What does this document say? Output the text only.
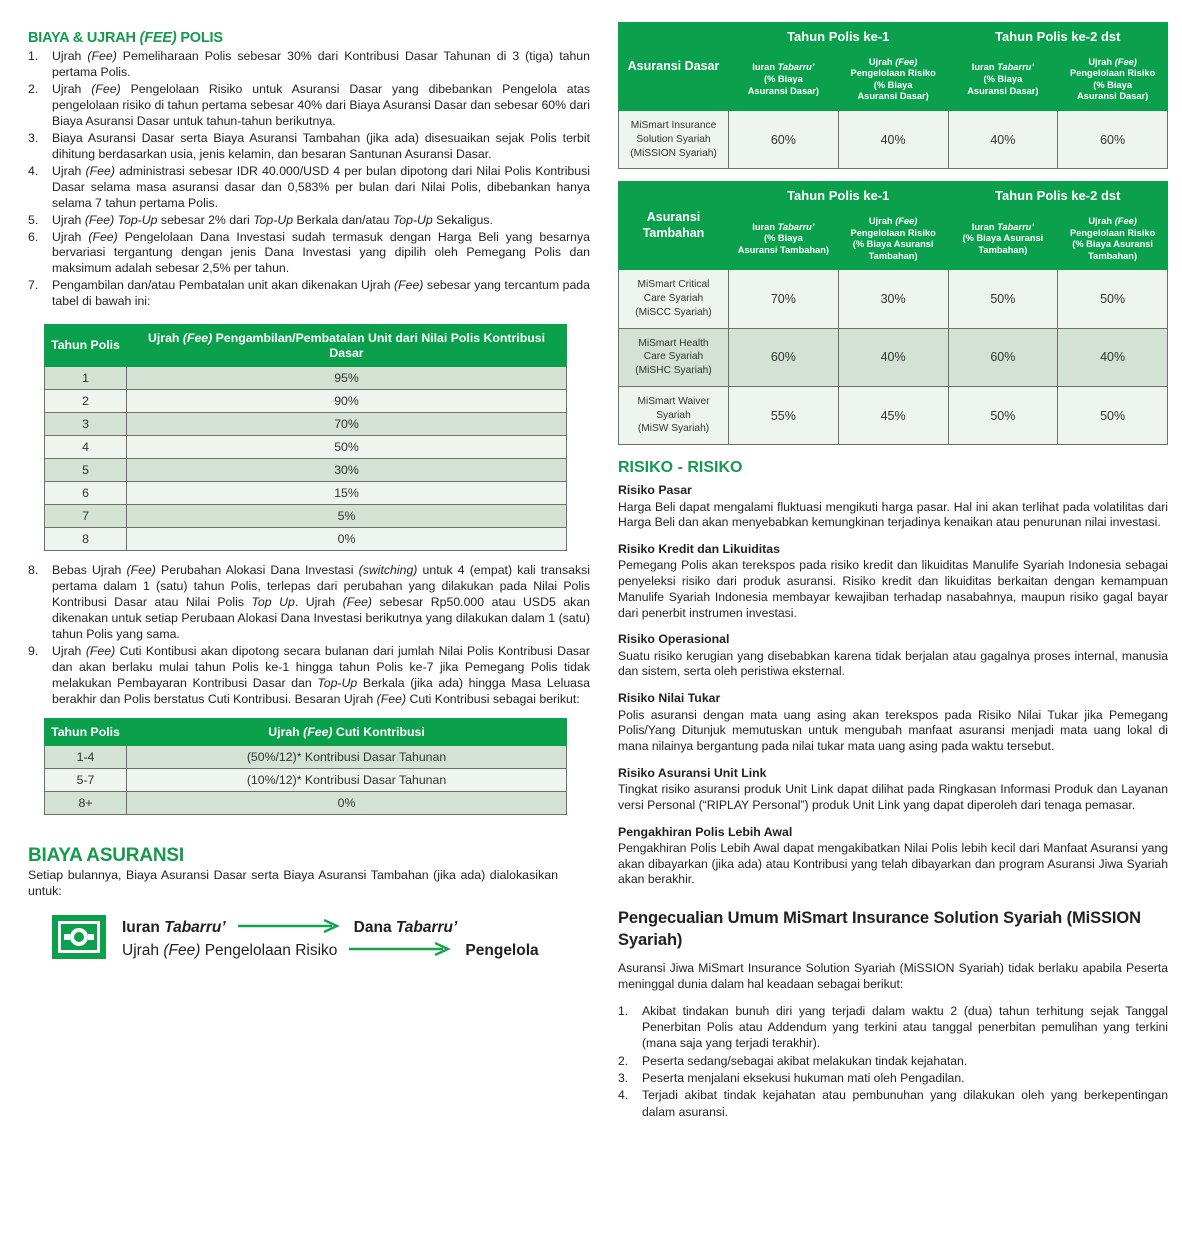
BIAYA & UJRAH (FEE) POLIS
Ujrah (Fee) Pemeliharaan Polis sebesar 30% dari Kontribusi Dasar Tahunan di 3 (tiga) tahun pertama Polis.
Ujrah (Fee) Pengelolaan Risiko untuk Asuransi Dasar yang dibebankan Pengelola atas pengelolaan risiko di tahun pertama sebesar 40% dari Biaya Asuransi Dasar dan sebesar 60% dari Biaya Asuransi Dasar untuk tahun-tahun berikutnya.
Biaya Asuransi Dasar serta Biaya Asuransi Tambahan (jika ada) disesuaikan sejak Polis terbit dihitung berdasarkan usia, jenis kelamin, dan besaran Santunan Asuransi Dasar.
Ujrah (Fee) administrasi sebesar IDR 40.000/USD 4 per bulan dipotong dari Nilai Polis Kontribusi Dasar selama masa asuransi dasar dan 0,583% per bulan dari Nilai Polis, dibebankan hanya selama 7 tahun pertama Polis.
Ujrah (Fee) Top-Up sebesar 2% dari Top-Up Berkala dan/atau Top-Up Sekaligus.
Ujrah (Fee) Pengelolaan Dana Investasi sudah termasuk dengan Harga Beli yang besarnya bervariasi tergantung dengan jenis Dana Investasi yang dipilih oleh Pemegang Polis dan maksimum adalah sebesar 2,5% per tahun.
Pengambilan dan/atau Pembatalan unit akan dikenakan Ujrah (Fee) sebesar yang tercantum pada tabel di bawah ini:
Tahun Polis	Ujrah (Fee) Pengambilan/Pembatalan Unit dari Nilai Polis Kontribusi Dasar
1	95%
2	90%
3	70%
4	50%
5	30%
6	15%
7	5%
8	0%
Bebas Ujrah (Fee) Perubahan Alokasi Dana Investasi (switching) untuk 4 (empat) kali transaksi pertama dalam 1 (satu) tahun Polis, terlepas dari perubahan yang dilakukan pada Nilai Polis Kontribusi Dasar atau Nilai Polis Top Up. Ujrah (Fee) sebesar Rp50.000 atau USD5 akan dikenakan untuk setiap Perubaan Alokasi Dana Investasi berikutnya yang dilakukan dalam 1 (satu) tahun Polis yang sama.
Ujrah (Fee) Cuti Kontibusi akan dipotong secara bulanan dari jumlah Nilai Polis Kontribusi Dasar dan akan berlaku mulai tahun Polis ke-1 hingga tahun Polis ke-7 jika Pemegang Polis tidak melakukan Pembayaran Kontribusi Dasar dan Top-Up Berkala (jika ada) hingga Masa Leluasa berakhir dan Polis berstatus Cuti Kontribusi. Besaran Ujrah (Fee) Cuti Kontribusi sebagai berikut:
Tahun Polis	Ujrah (Fee) Cuti Kontribusi
1-4	(50%/12)* Kontribusi Dasar Tahunan
5-7	(10%/12)* Kontribusi Dasar Tahunan
8+	0%
BIAYA ASURANSI
Setiap bulannya, Biaya Asuransi Dasar serta Biaya Asuransi Tambahan (jika ada) dialokasikan untuk:
Iuran Tabarru’	Dana Tabarru’
Ujrah (Fee) Pengelolaan Risiko	Pengelola
Asuransi Dasar	Tahun Polis ke-1		Tahun Polis ke-2 dst	
	Iuran Tabarru’
(% Biaya
Asuransi Dasar)	Ujrah (Fee)
Pengelolaan Risiko
(% Biaya
Asuransi Dasar)	Iuran Tabarru’
(% Biaya
Asuransi Dasar)	Ujrah (Fee)
Pengelolaan Risiko
(% Biaya
Asuransi Dasar)
MiSmart Insurance
Solution Syariah
(MiSSION Syariah)	60%	40%	40%	60%
Asuransi Tambahan	Tahun Polis ke-1		Tahun Polis ke-2 dst	
	Iuran Tabarru’
(% Biaya
Asuransi Tambahan)	Ujrah (Fee)
Pengelolaan Risiko
(% Biaya Asuransi
Tambahan)	Iuran Tabarru’
(% Biaya Asuransi
Tambahan)	Ujrah (Fee)
Pengelolaan Risiko
(% Biaya Asuransi
Tambahan)
MiSmart Critical
Care Syariah
(MiSCC Syariah)	70%	30%	50%	50%
MiSmart Health
Care Syariah
(MiSHC Syariah)	60%	40%	60%	40%
MiSmart Waiver
Syariah
(MiSW Syariah)	55%	45%	50%	50%
RISIKO - RISIKO
Risiko Pasar

Harga Beli dapat mengalami fluktuasi mengikuti harga pasar. Hal ini akan terlihat pada volatilitas dari Harga Beli dan akan menyebabkan kemungkinan terjadinya kenaikan atau penurunan nilai investasi.

Risiko Kredit dan Likuiditas

Pemegang Polis akan terekspos pada risiko kredit dan likuiditas Manulife Syariah Indonesia sebagai penyeleksi risiko dari produk asuransi. Risiko kredit dan likuiditas berkaitan dengan kemampuan Manulife Syariah Indonesia membayar kewajiban terhadap nasabahnya, maupun risiko gagal bayar dari penerbit instrumen investasi.

Risiko Operasional

Suatu risiko kerugian yang disebabkan karena tidak berjalan atau gagalnya proses internal, manusia dan sistem, serta oleh peristiwa eksternal.

Risiko Nilai Tukar

Polis asuransi dengan mata uang asing akan terekspos pada Risiko Nilai Tukar jika Pemegang Polis/Yang Ditunjuk memutuskan untuk mengubah manfaat asuransi menjadi mata uang lokal di mana nilainya bergantung pada nilai tukar mata uang asing pada waktu tersebut.

Risiko Asuransi Unit Link

Tingkat risiko asuransi produk Unit Link dapat dilihat pada Ringkasan Informasi Produk dan Layanan versi Personal (“RIPLAY Personal”) produk Unit Link yang dapat diperoleh dari tenaga pemasar.

Pengakhiran Polis Lebih Awal

Pengakhiran Polis Lebih Awal dapat mengakibatkan Nilai Polis lebih kecil dari Manfaat Asuransi yang akan dibayarkan (jika ada) atau Kontribusi yang telah dibayarkan dan program Asuransi Jiwa Syariah akan berakhir.

Pengecualian Umum MiSmart Insurance Solution Syariah (MiSSION Syariah)

Asuransi Jiwa MiSmart Insurance Solution Syariah (MiSSION Syariah) tidak berlaku apabila Peserta meninggal dunia dalam hal keadaan sebagai berikut:

Akibat tindakan bunuh diri yang terjadi dalam waktu 2 (dua) tahun terhitung sejak Tanggal Penerbitan Polis atau Addendum yang terkini atau tanggal penerbitan pemulihan yang terkini (mana saja yang terjadi terakhir).
Peserta sedang/sebagai akibat melakukan tindak kejahatan.
Peserta menjalani eksekusi hukuman mati oleh Pengadilan.
Terjadi akibat tindak kejahatan atau pembunuhan yang dilakukan oleh yang berkepentingan dalam asuransi.
